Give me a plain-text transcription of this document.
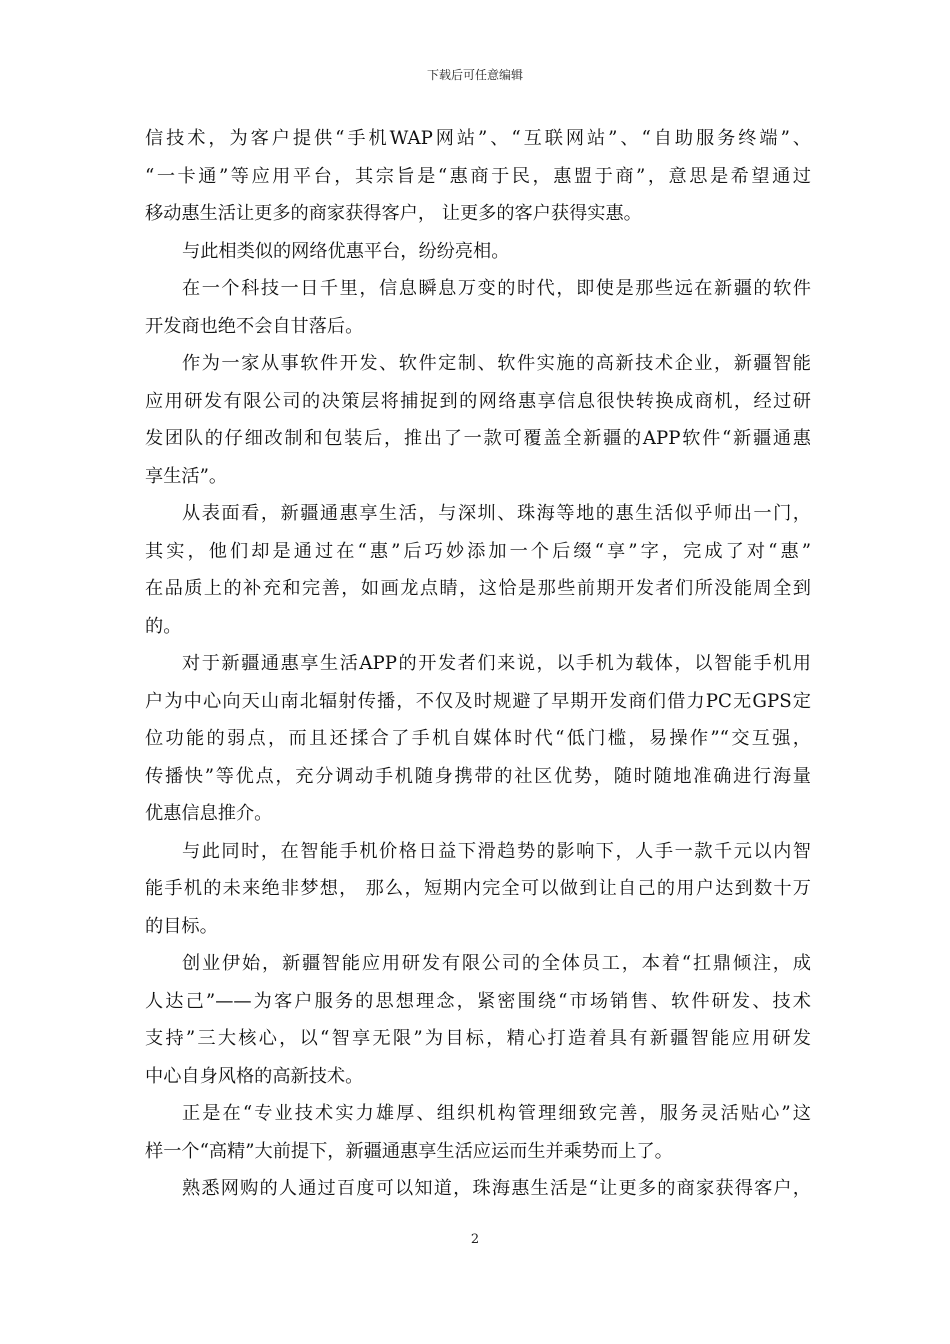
下载后可任意编辑
信技术，为客户提供“手机WAP网站”、“互联网站”、“自助服务终端”、
“一卡通”等应用平台，其宗旨是“惠商于民，惠盟于商”，意思是希望通过
移动惠生活让更多的商家获得客户， 让更多的客户获得实惠。
与此相类似的网络优惠平台，纷纷亮相。
在一个科技一日千里，信息瞬息万变的时代，即使是那些远在新疆的软件
开发商也绝不会自甘落后。
作为一家从事软件开发、软件定制、软件实施的高新技术企业，新疆智能
应用研发有限公司的决策层将捕捉到的网络惠享信息很快转换成商机，经过研
发团队的仔细改制和包装后，推出了一款可覆盖全新疆的APP软件“新疆通惠
享生活”。
从表面看，新疆通惠享生活，与深圳、珠海等地的惠生活似乎师出一门，
其实，他们却是通过在“惠”后巧妙添加一个后缀“享”字，完成了对“惠”
在品质上的补充和完善，如画龙点睛，这恰是那些前期开发者们所没能周全到
的。
对于新疆通惠享生活APP的开发者们来说，以手机为载体，以智能手机用
户为中心向天山南北辐射传播，不仅及时规避了早期开发商们借力PC无GPS定
位功能的弱点，而且还揉合了手机自媒体时代“低门槛，易操作”“交互强，
传播快”等优点，充分调动手机随身携带的社区优势，随时随地准确进行海量
优惠信息推介。
与此同时，在智能手机价格日益下滑趋势的影响下，人手一款千元以内智
能手机的未来绝非梦想， 那么，短期内完全可以做到让自己的用户达到数十万
的目标。
创业伊始，新疆智能应用研发有限公司的全体员工，本着“扛鼎倾注，成
人达己”——为客户服务的思想理念，紧密围绕“市场销售、软件研发、技术
支持”三大核心，以“智享无限”为目标，精心打造着具有新疆智能应用研发
中心自身风格的高新技术。
正是在“专业技术实力雄厚、组织机构管理细致完善，服务灵活贴心”这
样一个“高精”大前提下，新疆通惠享生活应运而生并乘势而上了。
熟悉网购的人通过百度可以知道，珠海惠生活是“让更多的商家获得客户，
2
